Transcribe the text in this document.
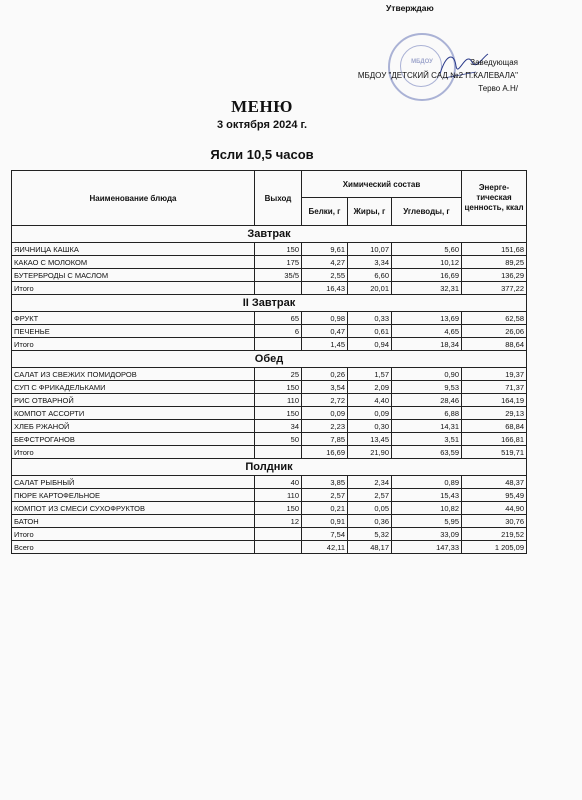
Утверждаю
МБДОУ	Заведующая
МБДОУ "ДЕТСКИЙ САД №2 П.КАЛЕВАЛА"
Терво А.Н/
МЕНЮ
3 октября 2024 г.
Ясли 10,5 часов
Наименование блюда	Выход	Химический состав			Энерге-тическая ценность, ккал
		Белки, г	Жиры, г	Углеводы, г	
Завтрак					
ЯИЧНИЦА КАШКА	150	9,61	10,07	5,60	151,68
КАКАО С МОЛОКОМ	175	4,27	3,34	10,12	89,25
БУТЕРБРОДЫ С МАСЛОМ	35/5	2,55	6,60	16,69	136,29
Итого		16,43	20,01	32,31	377,22
II Завтрак					
ФРУКТ	65	0,98	0,33	13,69	62,58
ПЕЧЕНЬЕ	6	0,47	0,61	4,65	26,06
Итого		1,45	0,94	18,34	88,64
Обед					
САЛАТ ИЗ СВЕЖИХ ПОМИДОРОВ	25	0,26	1,57	0,90	19,37
СУП С ФРИКАДЕЛЬКАМИ	150	3,54	2,09	9,53	71,37
РИС ОТВАРНОЙ	110	2,72	4,40	28,46	164,19
КОМПОТ АССОРТИ	150	0,09	0,09	6,88	29,13
ХЛЕБ РЖАНОЙ	34	2,23	0,30	14,31	68,84
БЕФСТРОГАНОВ	50	7,85	13,45	3,51	166,81
Итого		16,69	21,90	63,59	519,71
Полдник					
САЛАТ РЫБНЫЙ	40	3,85	2,34	0,89	48,37
ПЮРЕ КАРТОФЕЛЬНОЕ	110	2,57	2,57	15,43	95,49
КОМПОТ ИЗ СМЕСИ СУХОФРУКТОВ	150	0,21	0,05	10,82	44,90
БАТОН	12	0,91	0,36	5,95	30,76
Итого		7,54	5,32	33,09	219,52
Всего		42,11	48,17	147,33	1 205,09
